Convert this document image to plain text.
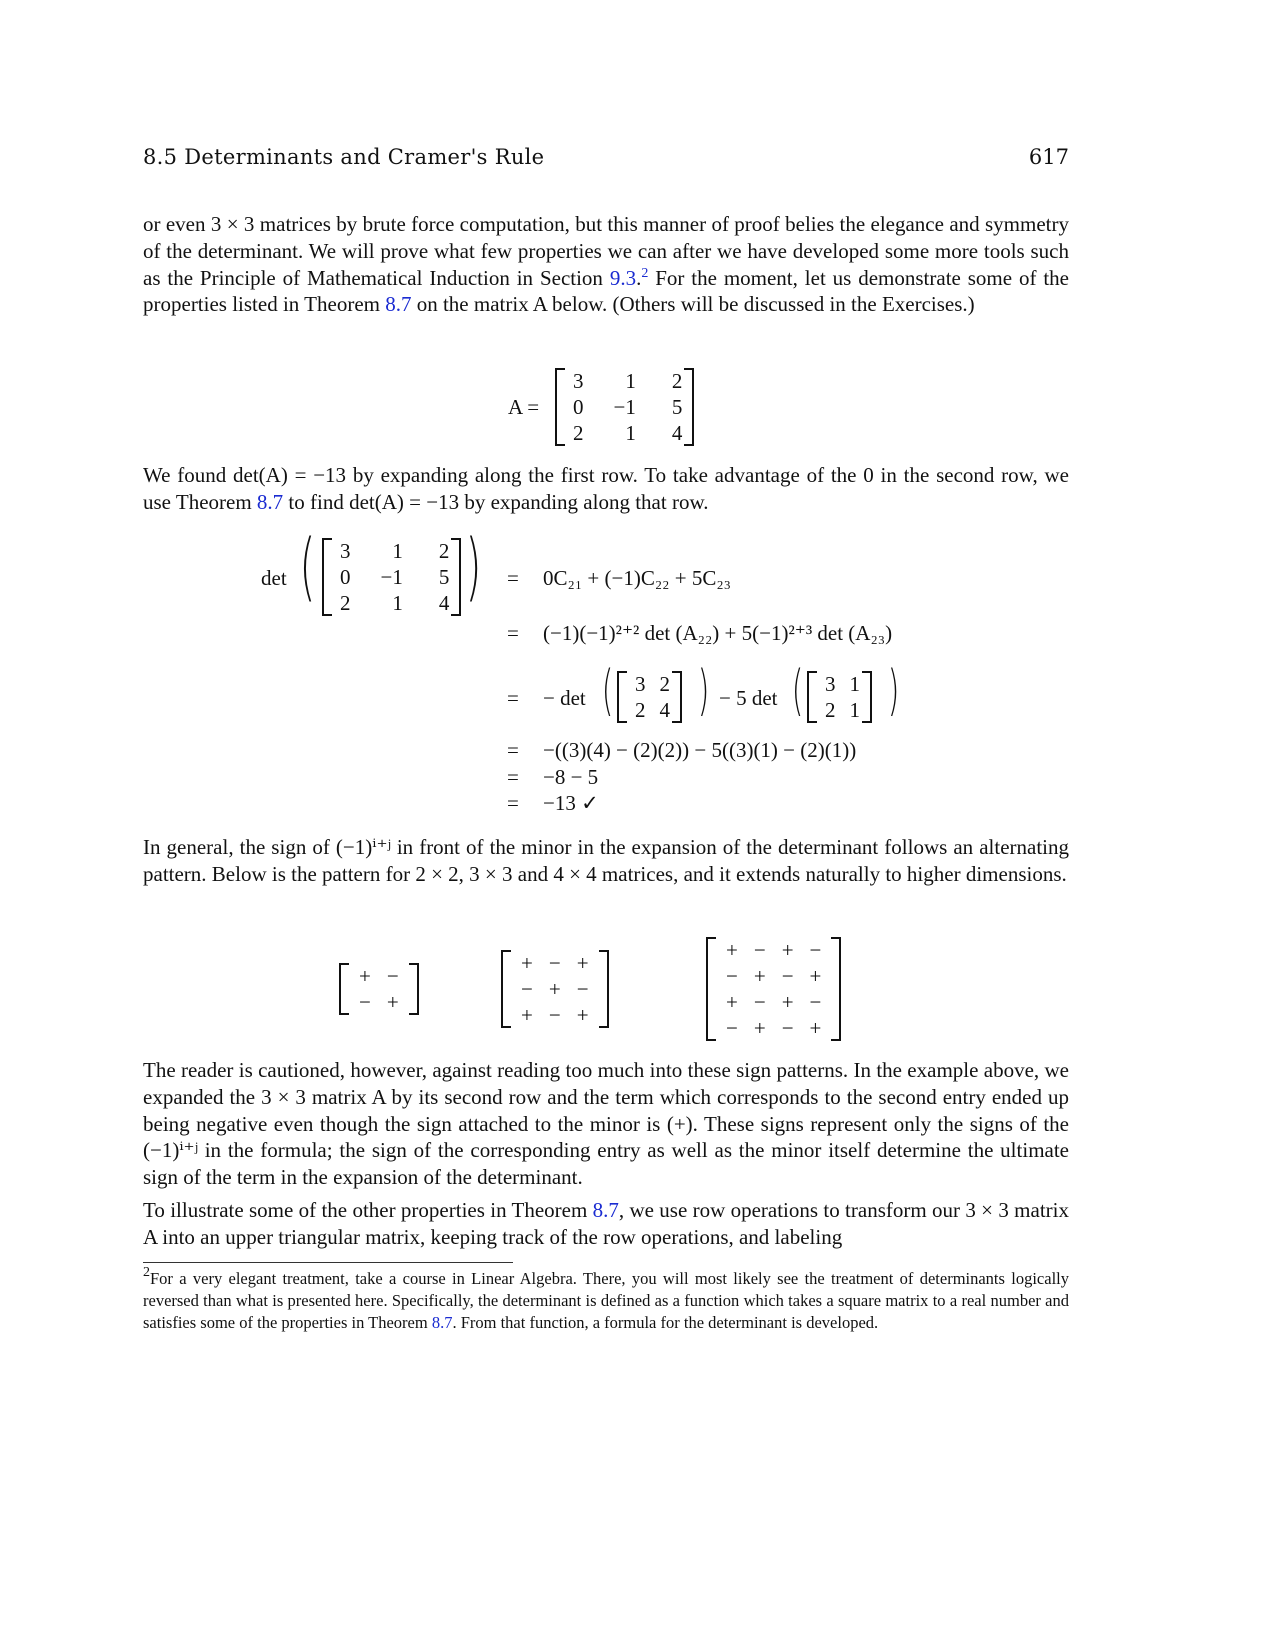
8.5 Determinants and Cramer's Rule	617

or even 3 × 3 matrices by brute force computation, but this manner of proof belies the elegance and symmetry of the determinant. We will prove what few properties we can after we have developed some more tools such as the Principle of Mathematical Induction in Section 9.3.$^2$ For the moment, let us demonstrate some of the properties listed in Theorem 8.7 on the matrix A below. (Others will be discussed in the Exercises.)

A =
3	1	2
0	−1	5
2	1	4

We found det(A) = −13 by expanding along the first row. To take advantage of the 0 in the second row, we use Theorem 8.7 to find det(A) = −13 by expanding along that row.

det ( 3	1	2
0	−1	5
2	1	4 ) = 0C₂₁ + (−1)C₂₂ + 5C₂₃
= (−1)(−1)²⁺² det (A₂₂) + 5(−1)²⁺³ det (A₂₃)
= − det ( 3	2
2	4 ) − 5 det ( 3	1
2	1 )
= −((3)(4) − (2)(2)) − 5((3)(1) − (2)(1))
= −8 − 5
= −13 ✓

In general, the sign of (−1)ⁱ⁺ʲ in front of the minor in the expansion of the determinant follows an alternating pattern. Below is the pattern for 2 × 2, 3 × 3 and 4 × 4 matrices, and it extends naturally to higher dimensions.

+	−
−	+
+	−	+
−	+	−
+	−	+
+	−	+	−
−	+	−	+
+	−	+	−
−	+	−	+

The reader is cautioned, however, against reading too much into these sign patterns. In the example above, we expanded the 3 × 3 matrix A by its second row and the term which corresponds to the second entry ended up being negative even though the sign attached to the minor is (+). These signs represent only the signs of the (−1)ⁱ⁺ʲ in the formula; the sign of the corresponding entry as well as the minor itself determine the ultimate sign of the term in the expansion of the determinant.

To illustrate some of the other properties in Theorem 8.7, we use row operations to transform our 3 × 3 matrix A into an upper triangular matrix, keeping track of the row operations, and labeling

$^2$For a very elegant treatment, take a course in Linear Algebra. There, you will most likely see the treatment of determinants logically reversed than what is presented here. Specifically, the determinant is defined as a function which takes a square matrix to a real number and satisfies some of the properties in Theorem 8.7. From that function, a formula for the determinant is developed.
